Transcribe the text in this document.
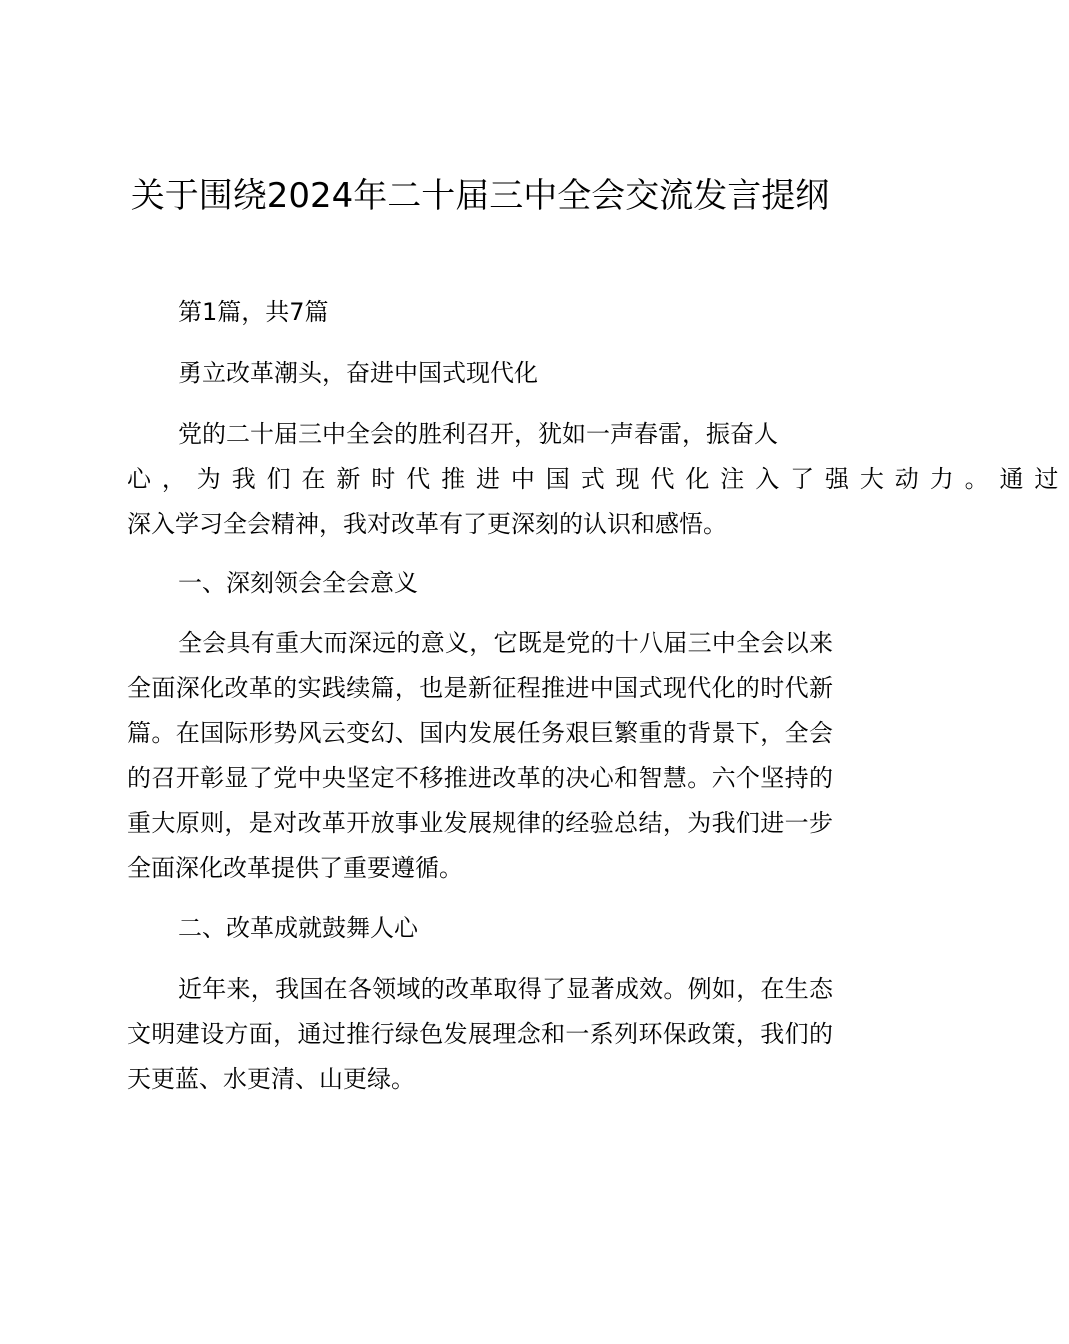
关于围绕2024年二十届三中全会交流发言提纲

第1篇，共7篇

勇立改革潮头，奋进中国式现代化

党的二十届三中全会的胜利召开，犹如一声春雷，振奋人
心，为我们在新时代推进中国式现代化注入了强大动力。通过
深入学习全会精神，我对改革有了更深刻的认识和感悟。

一、深刻领会全会意义

全会具有重大而深远的意义，它既是党的十八届三中全会以来全面深化改革的实践续篇，也是新征程推进中国式现代化的时代新篇。在国际形势风云变幻、国内发展任务艰巨繁重的背景下，全会的召开彰显了党中央坚定不移推进改革的决心和智慧。六个坚持的重大原则，是对改革开放事业发展规律的经验总结，为我们进一步全面深化改革提供了重要遵循。

二、改革成就鼓舞人心

近年来，我国在各领域的改革取得了显著成效。例如，在生态文明建设方面，通过推行绿色发展理念和一系列环保政策，我们的天更蓝、水更清、山更绿。
